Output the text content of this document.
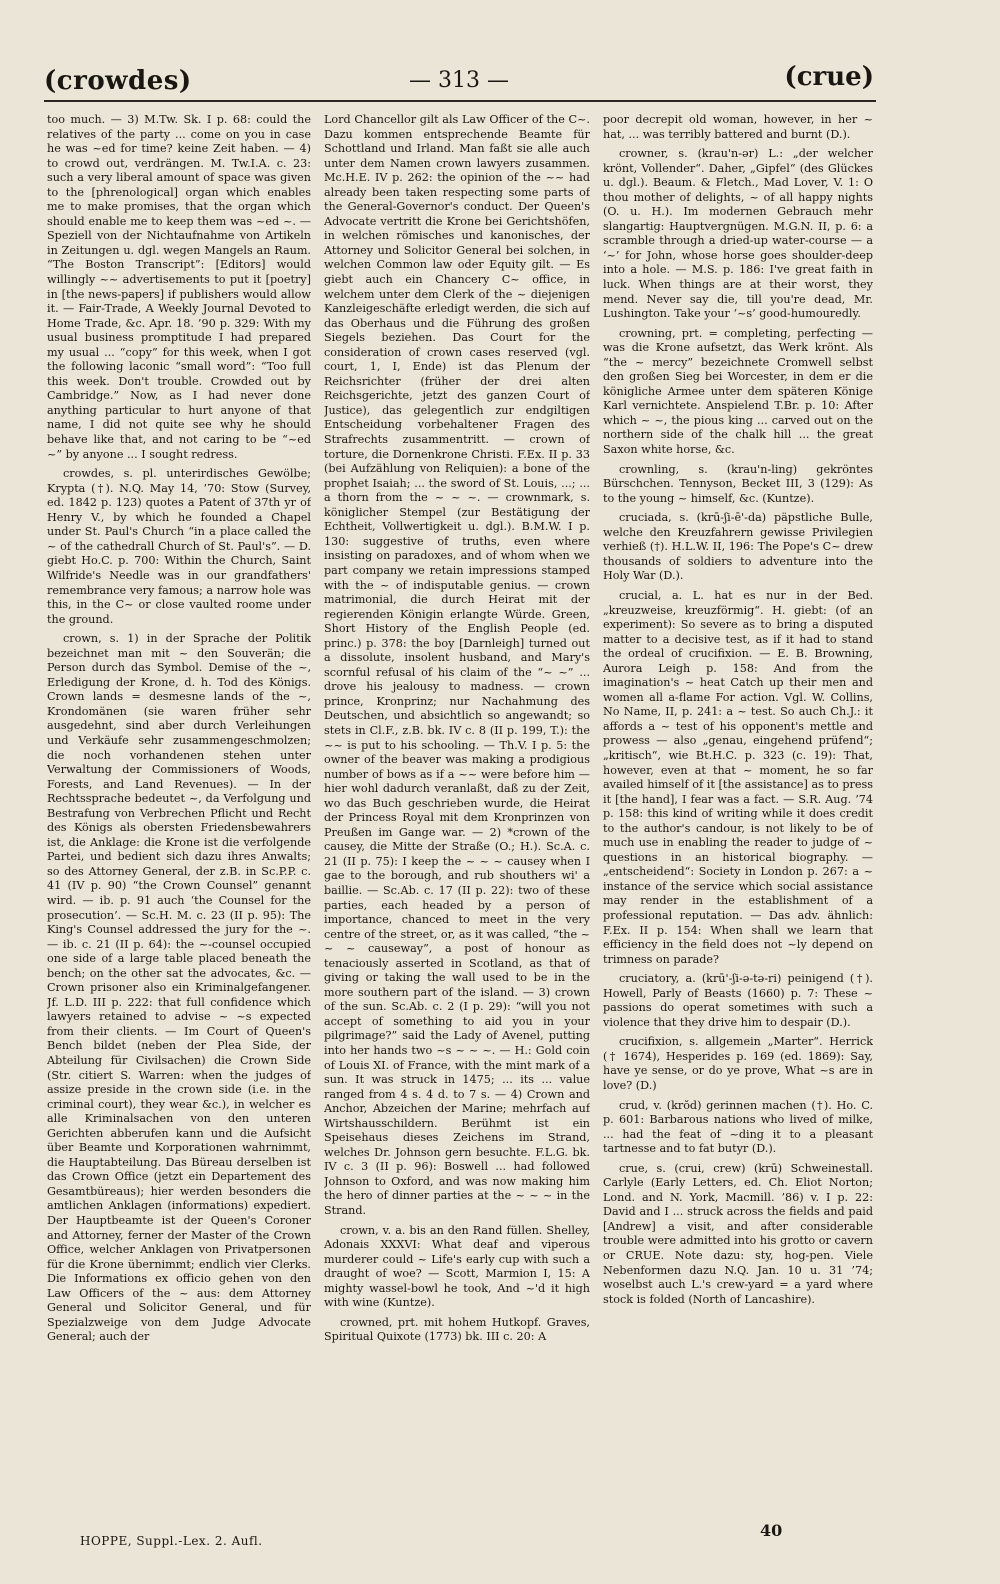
(crowdes)	— 313 —	(crue)

too much. — 3) M.Tw. Sk. I p. 68: could the relatives of the party ... come on you in case he was ~ed for time? keine Zeit haben. — 4) to crowd out, verdrängen. M. Tw.I.A. c. 23: such a very liberal amount of space was given to the [phrenological] organ which enables me to make promises, that the organ which should enable me to keep them was ~ed ~. — Speziell von der Nichtaufnahme von Artikeln in Zeitungen u. dgl. wegen Mangels an Raum. “The Boston Transcript”: [Editors] would willingly ~~ advertisements to put it [poetry] in [the news-papers] if publishers would allow it. — Fair-Trade, A Weekly Journal Devoted to Home Trade, &c. Apr. 18. ’90 p. 329: With my usual business promptitude I had prepared my usual ... “copy” for this week, when I got the following laconic “small word”: “Too full this week. Don't trouble. Crowded out by Cambridge.” Now, as I had never done anything particular to hurt anyone of that name, I did not quite see why he should behave like that, and not caring to be “~ed ~” by anyone ... I sought redress.

crowdes, s. pl. unterirdisches Gewölbe; Krypta (†). N.Q. May 14, ’70: Stow (Survey, ed. 1842 p. 123) quotes a Patent of 37th yr of Henry V., by which he founded a Chapel under St. Paul's Church “in a place called the ~ of the cathedrall Church of St. Paul's”. — D. giebt Ho.C. p. 700: Within the Church, Saint Wilfride's Needle was in our grandfathers' remembrance very famous; a narrow hole was this, in the C~ or close vaulted roome under the ground.

crown, s. 1) in der Sprache der Politik bezeichnet man mit ~ den Souverän; die Person durch das Symbol. Demise of the ~, Erledigung der Krone, d. h. Tod des Königs. Crown lands = desmesne lands of the ~, Krondomänen (sie waren früher sehr ausgedehnt, sind aber durch Verleihungen und Verkäufe sehr zusammengeschmolzen; die noch vorhandenen stehen unter Verwaltung der Commissioners of Woods, Forests, and Land Revenues). — In der Rechtssprache bedeutet ~, da Verfolgung und Bestrafung von Verbrechen Pflicht und Recht des Königs als obersten Friedensbewahrers ist, die Anklage: die Krone ist die verfolgende Partei, und bedient sich dazu ihres Anwalts; so des Attorney General, der z.B. in Sc.P.P. c. 41 (IV p. 90) “the Crown Counsel” genannt wird. — ib. p. 91 auch ‘the Counsel for the prosecution’. — Sc.H. M. c. 23 (II p. 95): The King's Counsel addressed the jury for the ~. — ib. c. 21 (II p. 64): the ~-counsel occupied one side of a large table placed beneath the bench; on the other sat the advocates, &c. — Crown prisoner also ein Kriminalgefangener. Jf. L.D. III p. 222: that full confidence which lawyers retained to advise ~ ~s expected from their clients. — Im Court of Queen's Bench bildet (neben der Plea Side, der Abteilung für Civilsachen) die Crown Side (Str. citiert S. Warren: when the judges of assize preside in the crown side (i.e. in the criminal court), they wear &c.), in welcher es alle Kriminalsachen von den unteren Gerichten abberufen kann und die Aufsicht über Beamte und Korporationen wahrnimmt, die Hauptabteilung. Das Büreau derselben ist das Crown Office (jetzt ein Departement des Gesamtbüreaus); hier werden besonders die amtlichen Anklagen (informations) expediert. Der Hauptbeamte ist der Queen's Coroner and Attorney, ferner der Master of the Crown Office, welcher Anklagen von Privatpersonen für die Krone übernimmt; endlich vier Clerks. Die Informations ex officio gehen von den Law Officers of the ~ aus: dem Attorney General und Solicitor General, und für Spezialzweige von dem Judge Advocate General; auch der

Lord Chancellor gilt als Law Officer of the C~. Dazu kommen entsprechende Beamte für Schottland und Irland. Man faßt sie alle auch unter dem Namen crown lawyers zusammen. Mc.H.E. IV p. 262: the opinion of the ~~ had already been taken respecting some parts of the General-Governor's conduct. Der Queen's Advocate vertritt die Krone bei Gerichtshöfen, in welchen römisches und kanonisches, der Attorney und Solicitor General bei solchen, in welchen Common law oder Equity gilt. — Es giebt auch ein Chancery C~ office, in welchem unter dem Clerk of the ~ diejenigen Kanzleigeschäfte erledigt werden, die sich auf das Oberhaus und die Führung des großen Siegels beziehen. Das Court for the consideration of crown cases reserved (vgl. court, 1, I, Ende) ist das Plenum der Reichsrichter (früher der drei alten Reichsgerichte, jetzt des ganzen Court of Justice), das gelegentlich zur endgiltigen Entscheidung vorbehaltener Fragen des Strafrechts zusammentritt. — crown of torture, die Dornenkrone Christi. F.Ex. II p. 33 (bei Aufzählung von Reliquien): a bone of the prophet Isaiah; ... the sword of St. Louis, ...; ... a thorn from the ~ ~ ~. — crownmark, s. königlicher Stempel (zur Bestätigung der Echtheit, Vollwertigkeit u. dgl.). B.M.W. I p. 130: suggestive of truths, even where insisting on paradoxes, and of whom when we part company we retain impressions stamped with the ~ of indisputable genius. — crown matrimonial, die durch Heirat mit der regierenden Königin erlangte Würde. Green, Short History of the English People (ed. princ.) p. 378: the boy [Darnleigh] turned out a dissolute, insolent husband, and Mary's scornful refusal of his claim of the “~ ~” ... drove his jealousy to madness. — crown prince, Kronprinz; nur Nachahmung des Deutschen, und absichtlich so angewandt; so stets in Cl.F., z.B. bk. IV c. 8 (II p. 199, T.): the ~~ is put to his schooling. — Th.V. I p. 5: the owner of the beaver was making a prodigious number of bows as if a ~~ were before him — hier wohl dadurch veranlaßt, daß zu der Zeit, wo das Buch geschrieben wurde, die Heirat der Princess Royal mit dem Kronprinzen von Preußen im Gange war. — 2) *crown of the causey, die Mitte der Straße (O.; H.). Sc.A. c. 21 (II p. 75): I keep the ~ ~ ~ causey when I gae to the borough, and rub shouthers wi' a baillie. — Sc.Ab. c. 17 (II p. 22): two of these parties, each headed by a person of importance, chanced to meet in the very centre of the street, or, as it was called, “the ~ ~ ~ causeway”, a post of honour as tenaciously asserted in Scotland, as that of giving or taking the wall used to be in the more southern part of the island. — 3) crown of the sun. Sc.Ab. c. 2 (I p. 29): “will you not accept of something to aid you in your pilgrimage?” said the Lady of Avenel, putting into her hands two ~s ~ ~ ~. — H.: Gold coin of Louis XI. of France, with the mint mark of a sun. It was struck in 1475; ... its ... value ranged from 4 s. 4 d. to 7 s. — 4) Crown and Anchor, Abzeichen der Marine; mehrfach auf Wirtshausschildern. Berühmt ist ein Speisehaus dieses Zeichens im Strand, welches Dr. Johnson gern besuchte. F.L.G. bk. IV c. 3 (II p. 96): Boswell ... had followed Johnson to Oxford, and was now making him the hero of dinner parties at the ~ ~ ~ in the Strand.

crown, v. a. bis an den Rand füllen. Shelley, Adonais XXXVI: What deaf and viperous murderer could ~ Life's early cup with such a draught of woe? — Scott, Marmion I, 15: A mighty wassel-bowl he took, And ~'d it high with wine (Kuntze).

crowned, prt. mit hohem Hutkopf. Graves, Spiritual Quixote (1773) bk. III c. 20: A

poor decrepit old woman, however, in her ~ hat, ... was terribly battered and burnt (D.).

crowner, s. (krau'n-ər) L.: „der welcher krönt, Vollender“. Daher, „Gipfel“ (des Glückes u. dgl.). Beaum. & Fletch., Mad Lover, V. 1: O thou mother of delights, ~ of all happy nights (O. u. H.). Im modernen Gebrauch mehr slangartig: Hauptvergnügen. M.G.N. II, p. 6: a scramble through a dried-up water-course — a ‘~’ for John, whose horse goes shoulder-deep into a hole. — M.S. p. 186: I've great faith in luck. When things are at their worst, they mend. Never say die, till you're dead, Mr. Lushington. Take your ‘~s’ good-humouredly.

crowning, prt. = completing, perfecting — was die Krone aufsetzt, das Werk krönt. Als “the ~ mercy” bezeichnete Cromwell selbst den großen Sieg bei Worcester, in dem er die königliche Armee unter dem späteren Könige Karl vernichtete. Anspielend T.Br. p. 10: After which ~ ~, the pious king ... carved out on the northern side of the chalk hill ... the great Saxon white horse, &c.

crownling, s. (krau'n-ling) gekröntes Bürschchen. Tennyson, Becket III, 3 (129): As to the young ~ himself, &c. (Kuntze).

cruciada, s. (krū-ʃi-ē'-da) päpstliche Bulle, welche den Kreuzfahrern gewisse Privilegien verhieß (†). H.L.W. II, 196: The Pope's C~ drew thousands of soldiers to adventure into the Holy War (D.).

crucial, a. L. hat es nur in der Bed. „kreuzweise, kreuzförmig“. H. giebt: (of an experiment): So severe as to bring a disputed matter to a decisive test, as if it had to stand the ordeal of crucifixion. — E. B. Browning, Aurora Leigh p. 158: And from the imagination's ~ heat Catch up their men and women all a-flame For action. Vgl. W. Collins, No Name, II, p. 241: a ~ test. So auch Ch.J.: it affords a ~ test of his opponent's mettle and prowess — also „genau, eingehend prüfend“; „kritisch“, wie Bt.H.C. p. 323 (c. 19): That, however, even at that ~ moment, he so far availed himself of it [the assistance] as to press it [the hand], I fear was a fact. — S.R. Aug. ’74 p. 158: this kind of writing while it does credit to the author's candour, is not likely to be of much use in enabling the reader to judge of ~ questions in an historical biography. — „entscheidend“: Society in London p. 267: a ~ instance of the service which social assistance may render in the establishment of a professional reputation. — Das adv. ähnlich: F.Ex. II p. 154: When shall we learn that efficiency in the field does not ~ly depend on trimness on parade?

cruciatory, a. (krū'-ʃi-ə-tə-ri) peinigend (†). Howell, Parly of Beasts (1660) p. 7: These ~ passions do operat sometimes with such a violence that they drive him to despair (D.).

crucifixion, s. allgemein „Marter“. Herrick († 1674), Hesperides p. 169 (ed. 1869): Say, have ye sense, or do ye prove, What ~s are in love? (D.)

crud, v. (krŏd) gerinnen machen (†). Ho. C. p. 601: Barbarous nations who lived of milke, ... had the feat of ~ding it to a pleasant tartnesse and to fat butyr (D.).

crue, s. (crui, crew) (krū) Schweinestall. Carlyle (Early Letters, ed. Ch. Eliot Norton; Lond. and N. York, Macmill. ’86) v. I p. 22: David and I ... struck across the fields and paid [Andrew] a visit, and after considerable trouble were admitted into his grotto or cavern or CRUE. Note dazu: sty, hog-pen. Viele Nebenformen dazu N.Q. Jan. 10 u. 31 ’74; woselbst auch L.'s crew-yard = a yard where stock is folded (North of Lancashire).

HOPPE, Suppl.-Lex. 2. Aufl.
40
